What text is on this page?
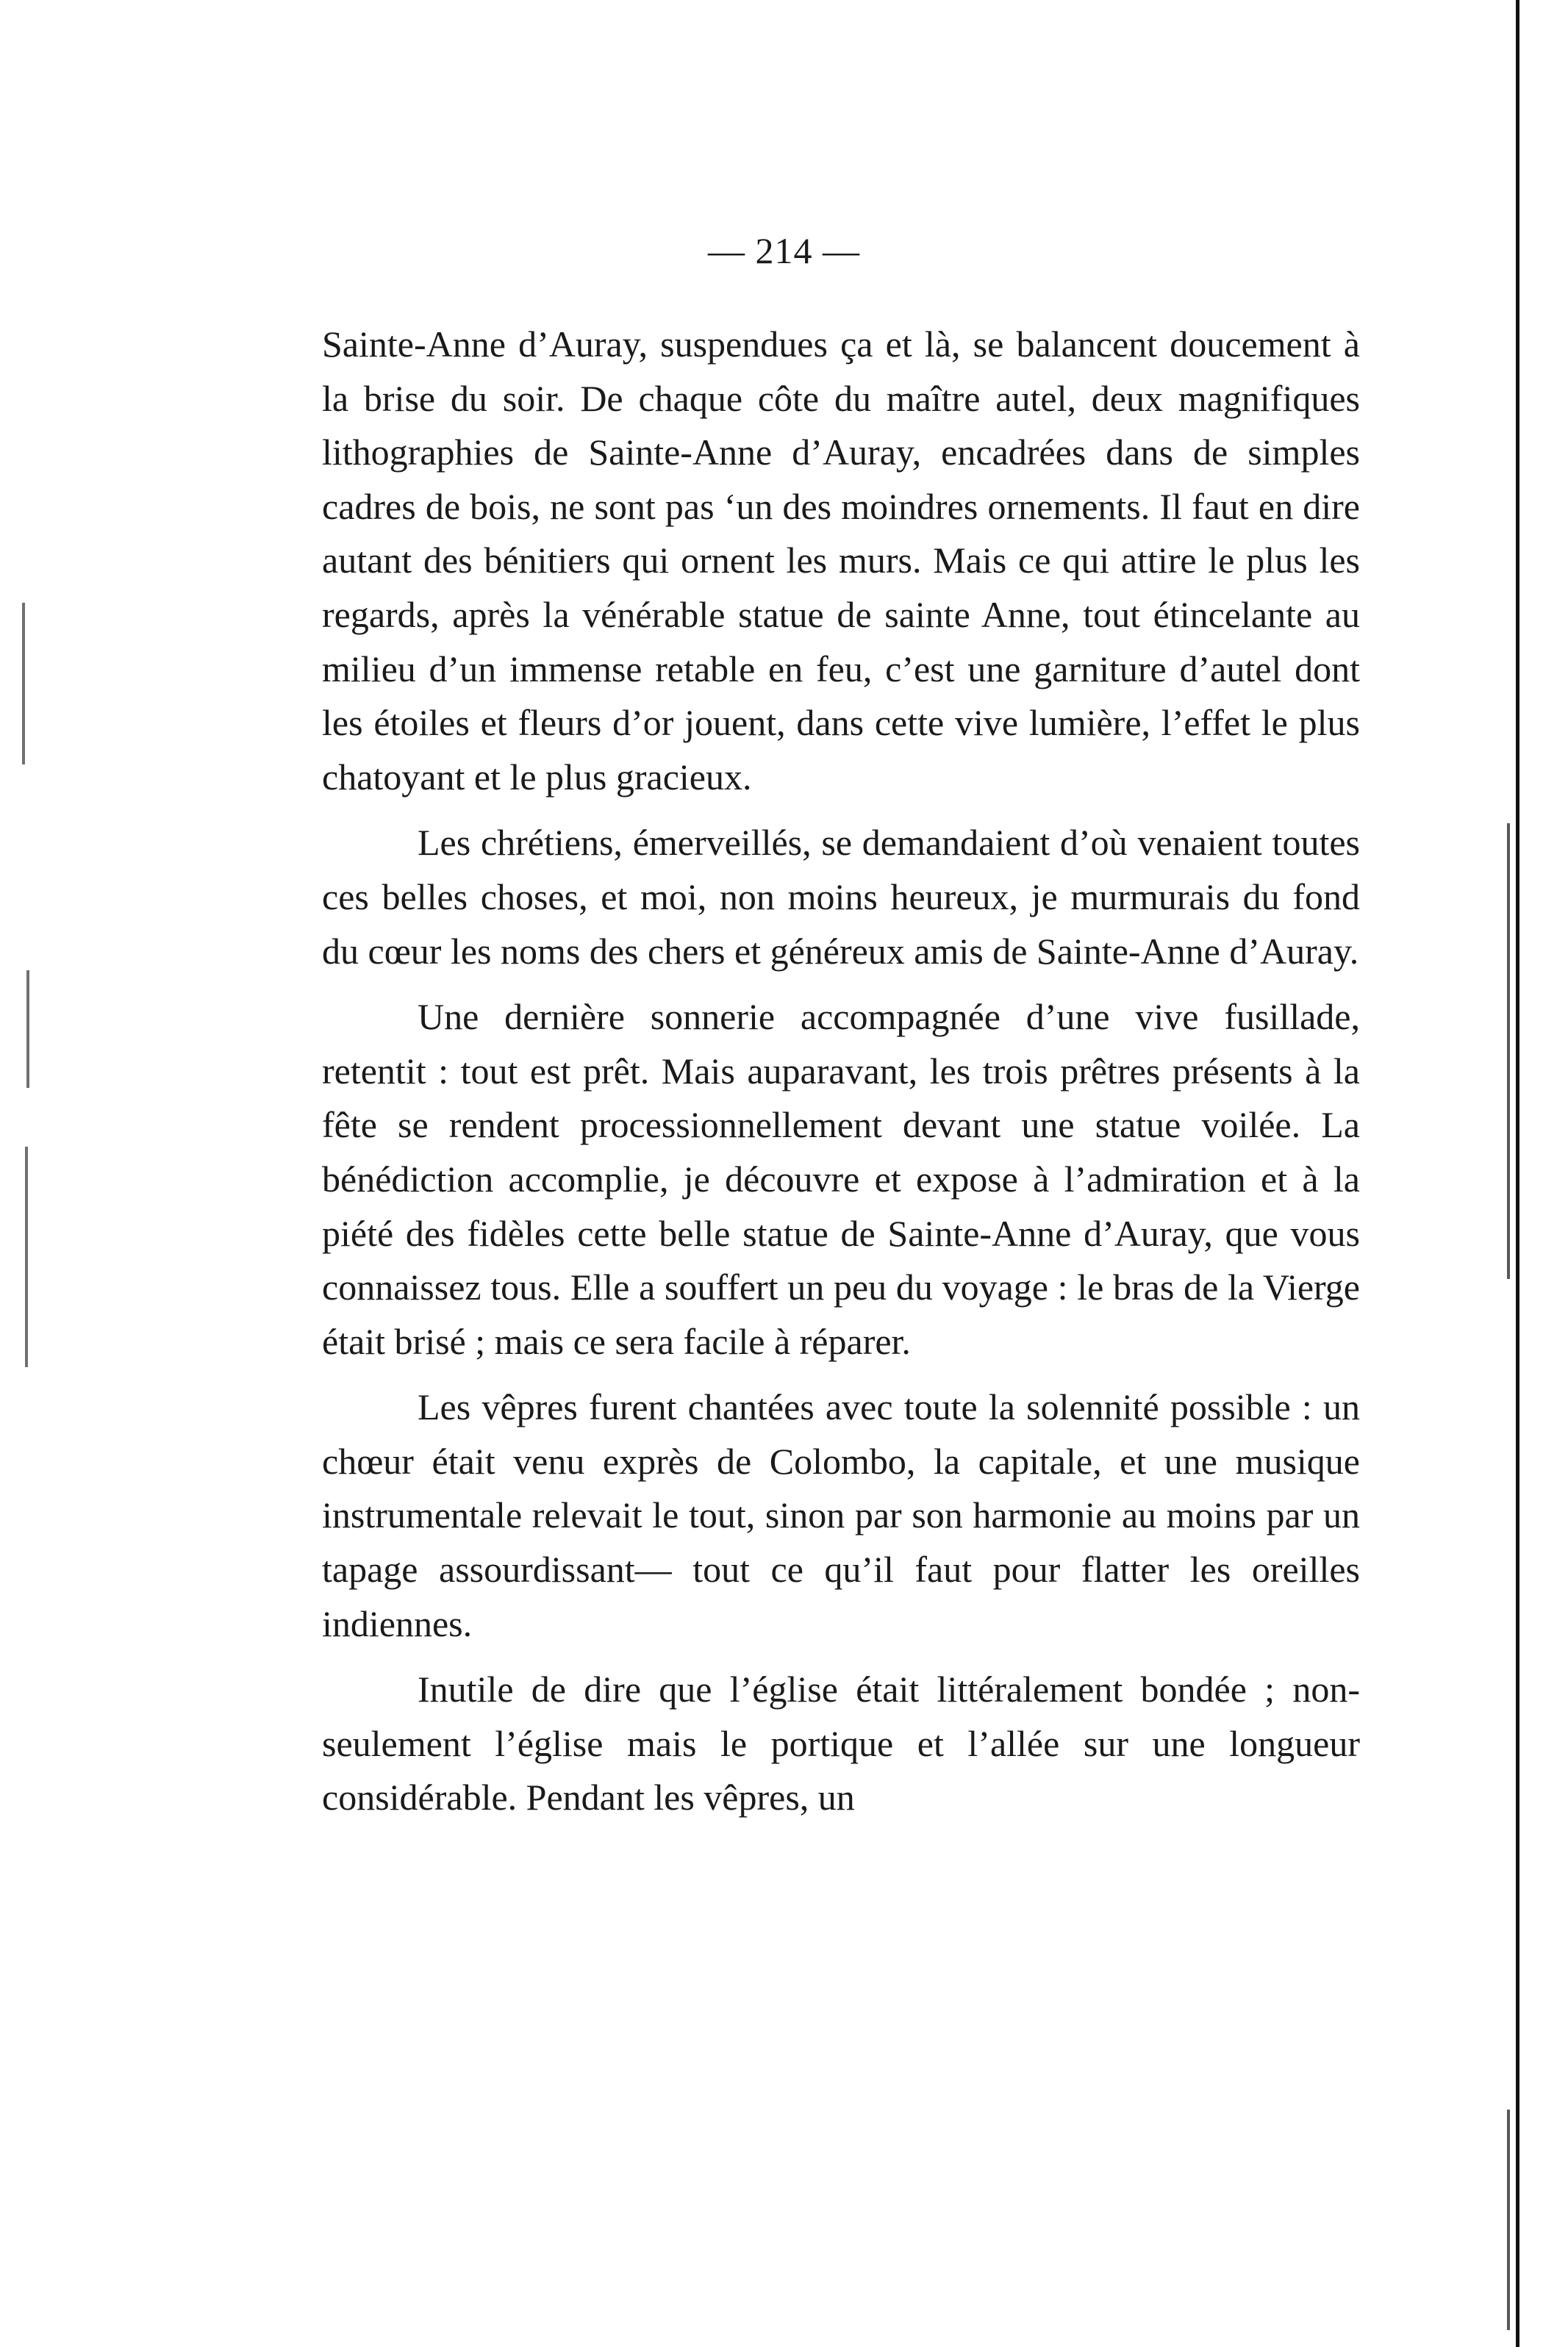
— 214 —

Sainte-Anne d’Auray, suspendues ça et là, se balancent doucement à la brise du soir. De chaque côte du maître autel, deux magnifiques lithographies de Sainte-Anne d’Auray, encadrées dans de simples cadres de bois, ne sont pas ‘un des moindres ornements. Il faut en dire autant des bénitiers qui ornent les murs. Mais ce qui attire le plus les regards, après la vénérable statue de sainte Anne, tout étincelante au milieu d’un immense retable en feu, c’est une garniture d’autel dont les étoiles et fleurs d’or jouent, dans cette vive lumière, l’effet le plus chatoyant et le plus gracieux.

Les chrétiens, émerveillés, se demandaient d’où venaient toutes ces belles choses, et moi, non moins heureux, je murmurais du fond du cœur les noms des chers et généreux amis de Sainte-Anne d’Auray.

Une dernière sonnerie accompagnée d’une vive fusillade, retentit : tout est prêt. Mais auparavant, les trois prêtres présents à la fête se rendent processionnellement devant une statue voilée. La bénédiction accomplie, je découvre et expose à l’admiration et à la piété des fidèles cette belle statue de Sainte-Anne d’Auray, que vous connaissez tous. Elle a souffert un peu du voyage : le bras de la Vierge était brisé ; mais ce sera facile à réparer.

Les vêpres furent chantées avec toute la solennité possible : un chœur était venu exprès de Colombo, la capitale, et une musique instrumentale relevait le tout, sinon par son harmonie au moins par un tapage assourdissant— tout ce qu’il faut pour flatter les oreilles indiennes.

Inutile de dire que l’église était littéralement bondée ; non-seulement l’église mais le portique et l’allée sur une longueur considérable. Pendant les vêpres, un
